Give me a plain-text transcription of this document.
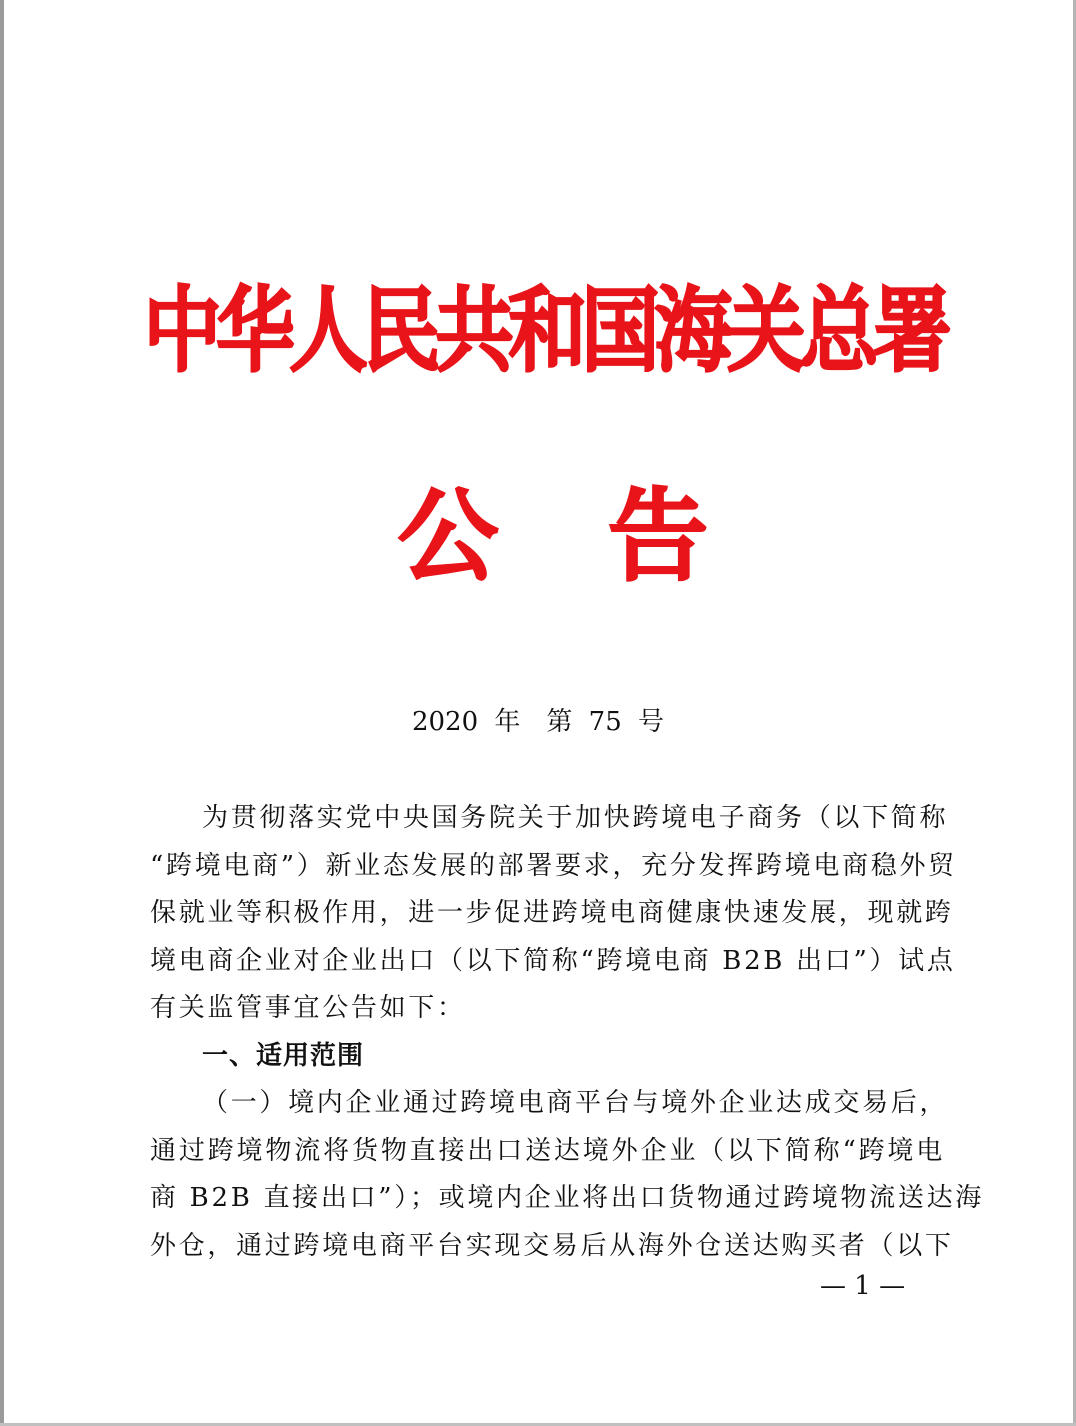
中华人民共和国海关总署
公 告
2020 年　第 75 号
为贯彻落实党中央国务院关于加快跨境电子商务（以下简称
“跨境电商”）新业态发展的部署要求，充分发挥跨境电商稳外贸
保就业等积极作用，进一步促进跨境电商健康快速发展，现就跨
境电商企业对企业出口（以下简称“跨境电商 B2B 出口”）试点
有关监管事宜公告如下：
一、适用范围
（一）境内企业通过跨境电商平台与境外企业达成交易后，
通过跨境物流将货物直接出口送达境外企业（以下简称“跨境电
商 B2B 直接出口”）；或境内企业将出口货物通过跨境物流送达海
外仓，通过跨境电商平台实现交易后从海外仓送达购买者（以下
— 1 —
